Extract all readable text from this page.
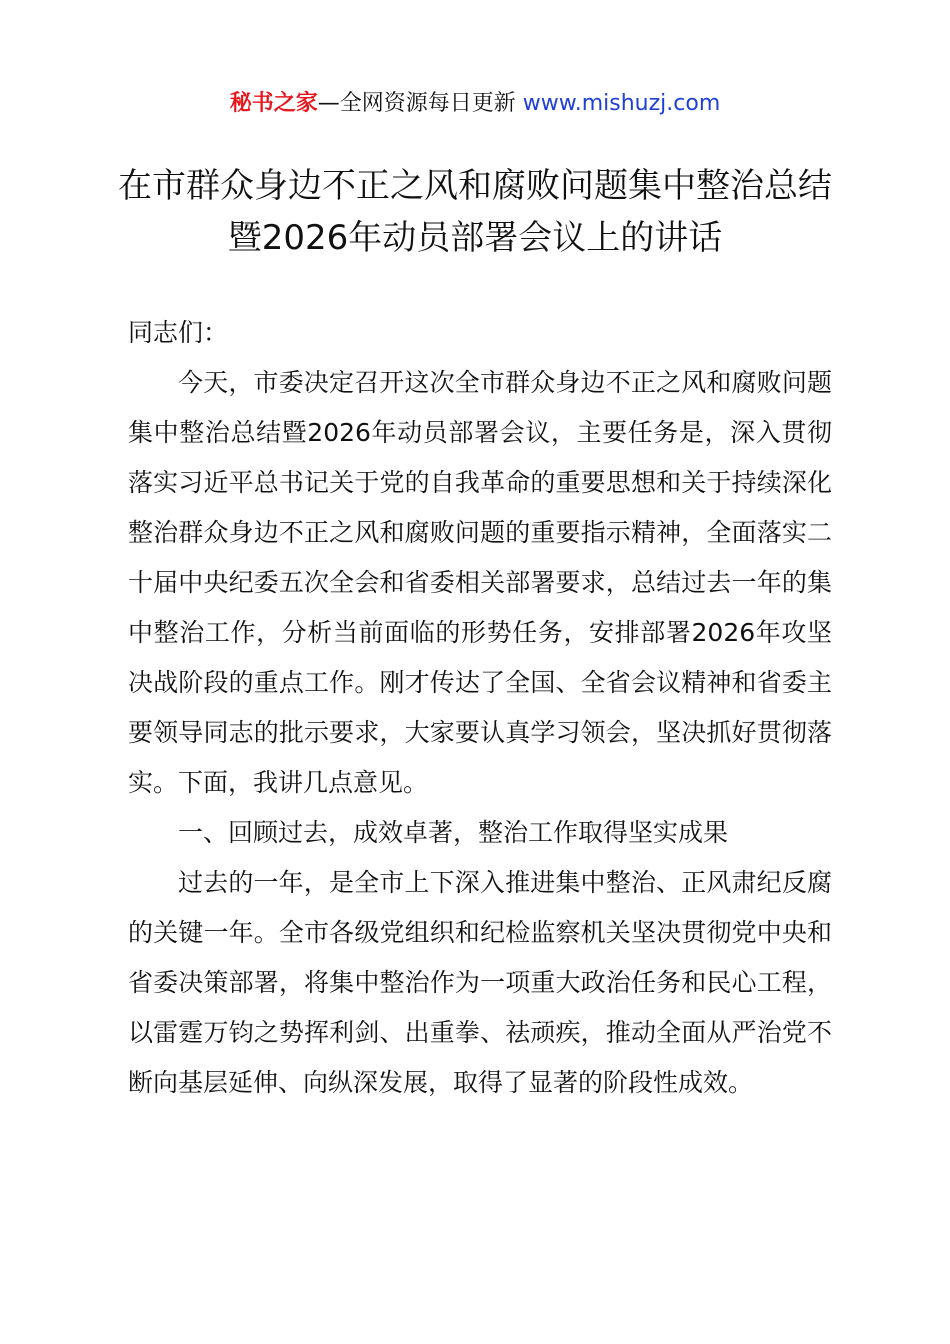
秘书之家—全网资源每日更新 www.mishuzj.com
在市群众身边不正之风和腐败问题集中整治总结暨2026年动员部署会议上的讲话

同志们：

今天，市委决定召开这次全市群众身边不正之风和腐败问题集中整治总结暨2026年动员部署会议，主要任务是，深入贯彻落实习近平总书记关于党的自我革命的重要思想和关于持续深化整治群众身边不正之风和腐败问题的重要指示精神，全面落实二十届中央纪委五次全会和省委相关部署要求，总结过去一年的集中整治工作，分析当前面临的形势任务，安排部署2026年攻坚决战阶段的重点工作。刚才传达了全国、全省会议精神和省委主要领导同志的批示要求，大家要认真学习领会，坚决抓好贯彻落实。下面，我讲几点意见。

一、回顾过去，成效卓著，整治工作取得坚实成果

过去的一年，是全市上下深入推进集中整治、正风肃纪反腐的关键一年。全市各级党组织和纪检监察机关坚决贯彻党中央和省委决策部署，将集中整治作为一项重大政治任务和民心工程，以雷霆万钧之势挥利剑、出重拳、祛顽疾，推动全面从严治党不断向基层延伸、向纵深发展，取得了显著的阶段性成效。
